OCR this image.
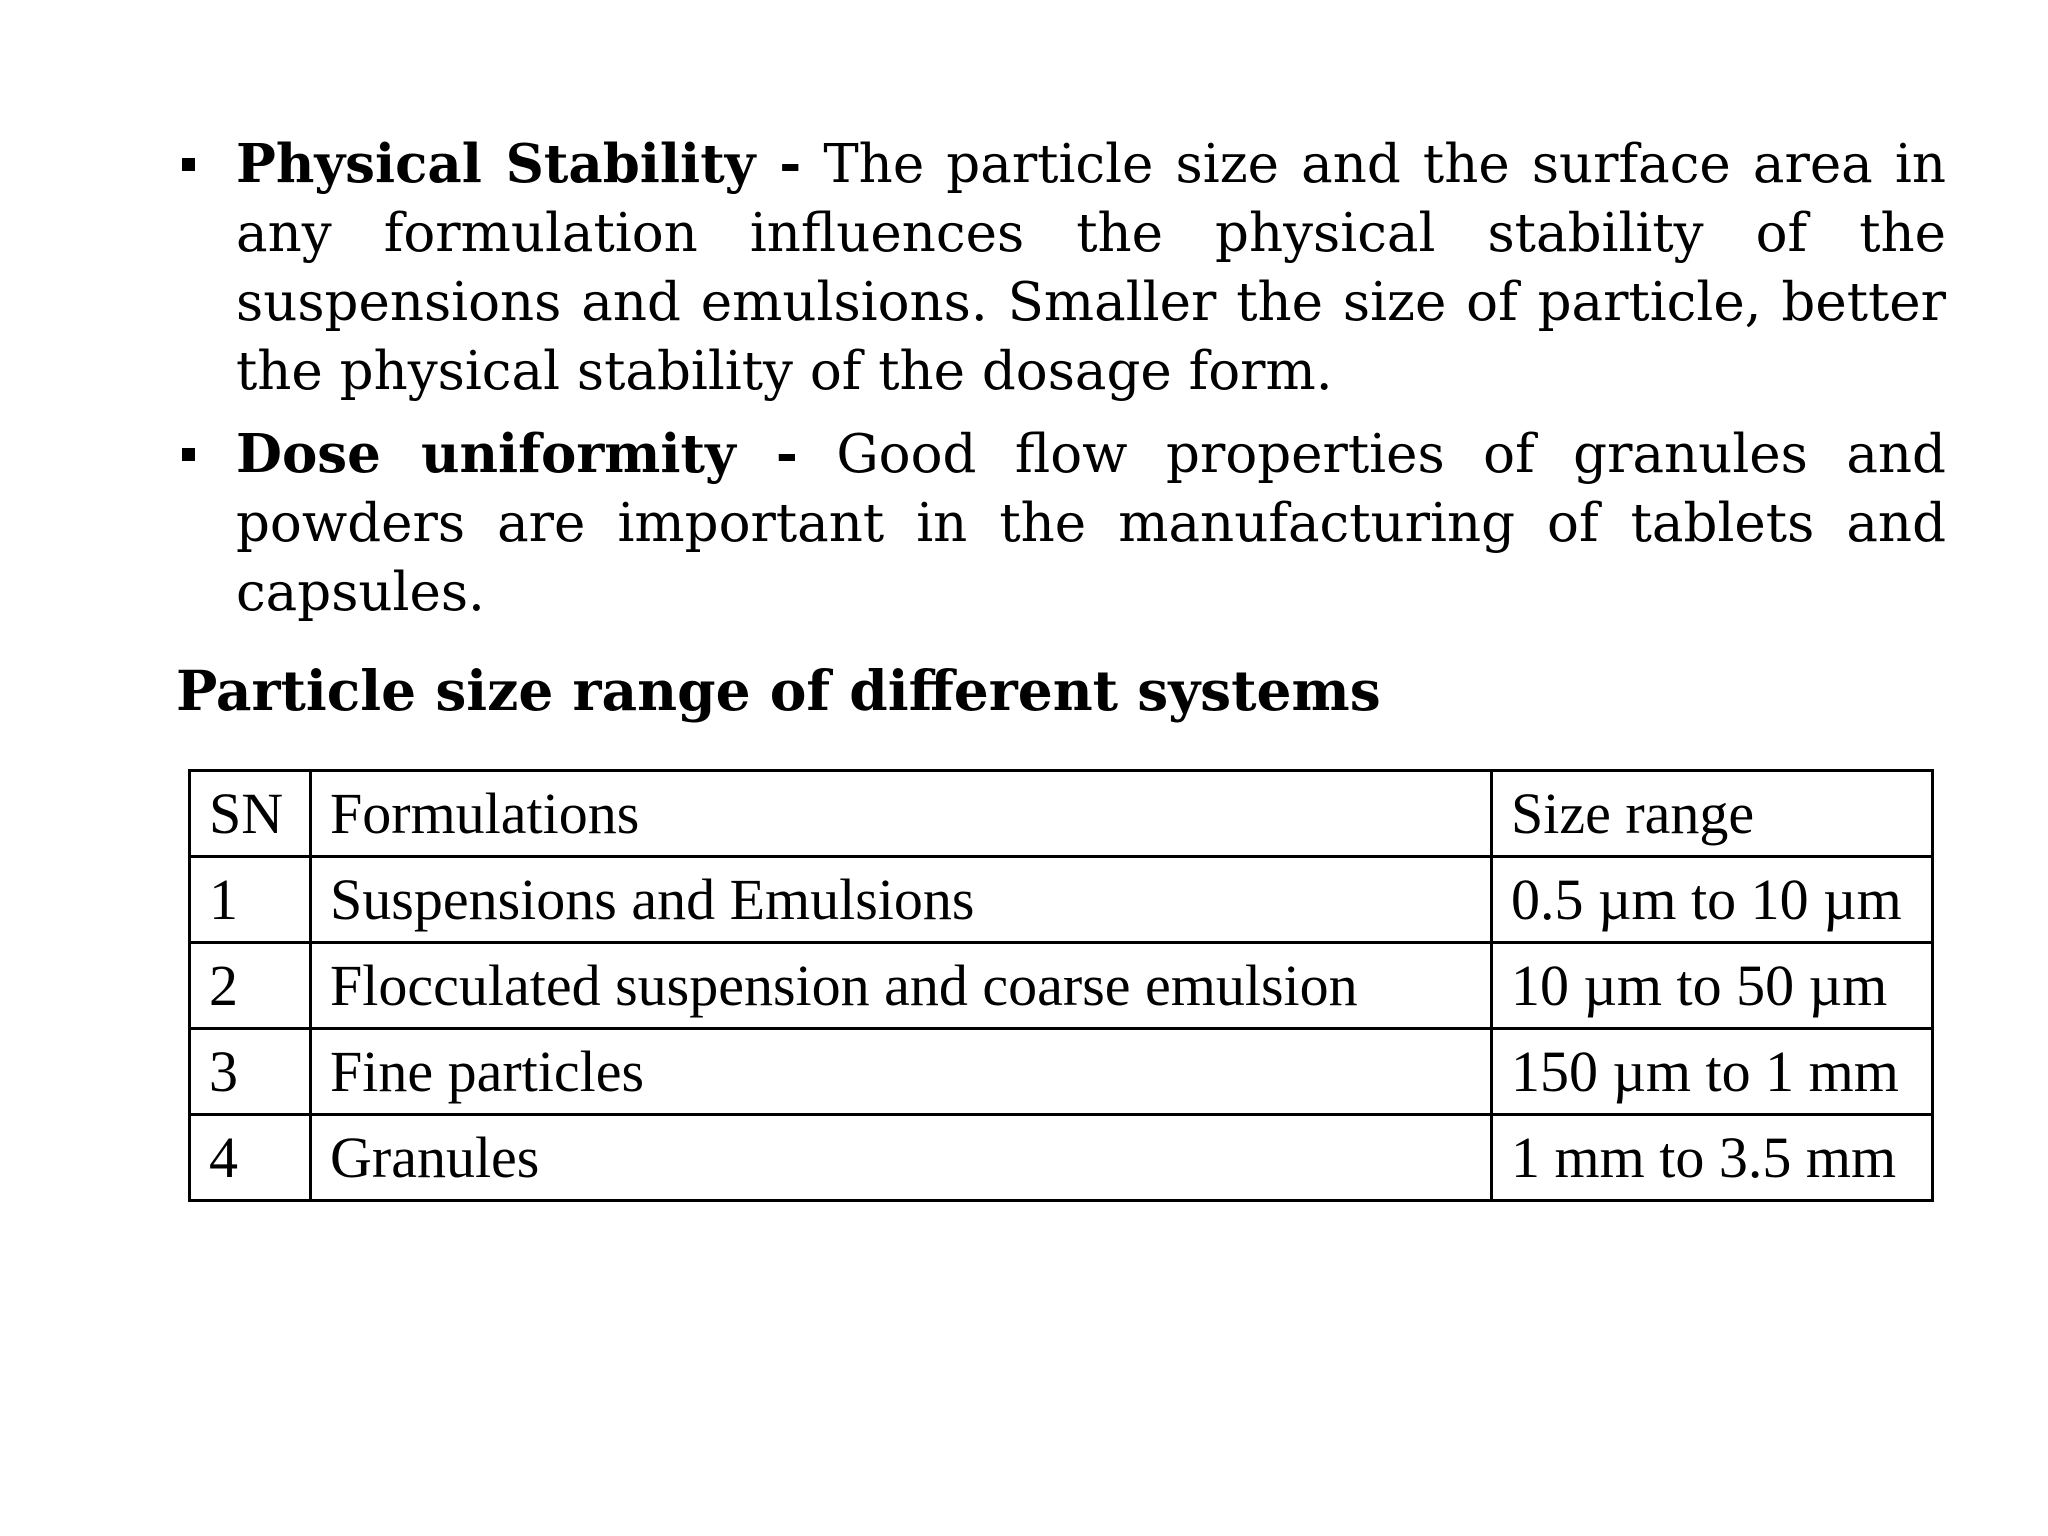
Physical Stability - The particle size and the surface area in any formulation influences the physical stability of the suspensions and emulsions. Smaller the size of particle, better the physical stability of the dosage form.
Dose uniformity - Good flow properties of granules and powders are important in the manufacturing of tablets and capsules.
Particle size range of different systems
SN	Formulations	Size range
1	Suspensions and Emulsions	0.5 µm to 10 µm
2	Flocculated suspension and coarse emulsion	10 µm to 50 µm
3	Fine particles	150 µm to 1 mm
4	Granules	1 mm to 3.5 mm
